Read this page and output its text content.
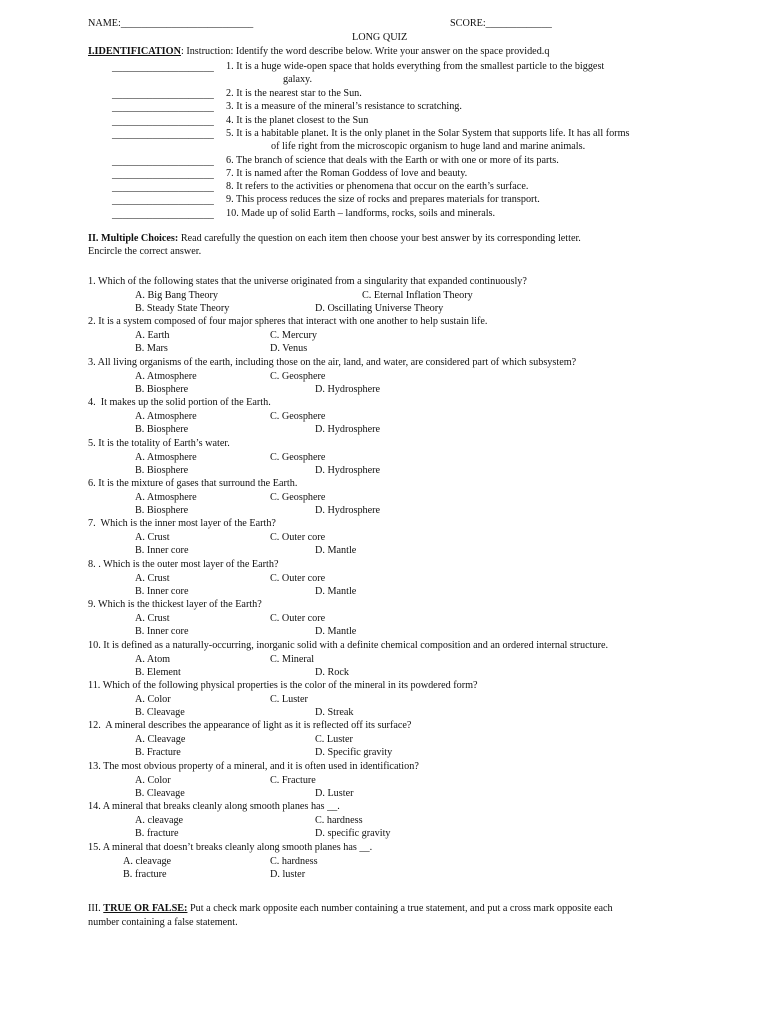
NAME:__________________________	SCORE:_____________
LONG QUIZ
I.IDENTIFICATION: Instruction: Identify the word describe below. Write your answer on the space provided.q
____________________ 1. It is a huge wide-open space that holds everything from the smallest particle to the biggest
galaxy.
____________________ 2. It is the nearest star to the Sun.
____________________ 3. It is a measure of the mineral’s resistance to scratching.
____________________ 4. It is the planet closest to the Sun
____________________ 5. It is a habitable planet. It is the only planet in the Solar System that supports life. It has all forms
of life right from the microscopic organism to huge land and marine animals.
____________________ 6. The branch of science that deals with the Earth or with one or more of its parts.
____________________ 7. It is named after the Roman Goddess of love and beauty.
____________________ 8. It refers to the activities or phenomena that occur on the earth’s surface.
____________________ 9. This process reduces the size of rocks and prepares materials for transport.
____________________ 10. Made up of solid Earth – landforms, rocks, soils and minerals.
II. Multiple Choices: Read carefully the question on each item then choose your best answer by its corresponding letter.
Encircle the correct answer.
1. Which of the following states that the universe originated from a singularity that expanded continuously?
A. Big Bang Theory	C. Eternal Inflation Theory
B. Steady State Theory	D. Oscillating Universe Theory
2. It is a system composed of four major spheres that interact with one another to help sustain life.
A. Earth	C. Mercury
B. Mars	D. Venus
3. All living organisms of the earth, including those on the air, land, and water, are considered part of which subsystem?
A. Atmosphere	C. Geosphere
B. Biosphere	D. Hydrosphere
4.  It makes up the solid portion of the Earth.
A. Atmosphere	C. Geosphere
B. Biosphere	D. Hydrosphere
5. It is the totality of Earth’s water.
A. Atmosphere	C. Geosphere
B. Biosphere	D. Hydrosphere
6. It is the mixture of gases that surround the Earth.
A. Atmosphere	C. Geosphere
B. Biosphere	D. Hydrosphere
7.  Which is the inner most layer of the Earth?
A. Crust	C. Outer core
B. Inner core	D. Mantle
8. . Which is the outer most layer of the Earth?
A. Crust	C. Outer core
B. Inner core	D. Mantle
9. Which is the thickest layer of the Earth?
A. Crust	C. Outer core
B. Inner core	D. Mantle
10. It is defined as a naturally-occurring, inorganic solid with a definite chemical composition and an ordered internal structure.
A. Atom	C. Mineral
B. Element	D. Rock
11. Which of the following physical properties is the color of the mineral in its powdered form?
A. Color	C. Luster
B. Cleavage	D. Streak
12.  A mineral describes the appearance of light as it is reflected off its surface?
A. Cleavage	C. Luster
B. Fracture	D. Specific gravity
13. The most obvious property of a mineral, and it is often used in identification?
A. Color	C. Fracture
B. Cleavage	D. Luster
14. A mineral that breaks cleanly along smooth planes has __.
A. cleavage	C. hardness
B. fracture	D. specific gravity
15. A mineral that doesn’t breaks cleanly along smooth planes has __.
A. cleavage	C. hardness
B. fracture	D. luster
III. TRUE OR FALSE: Put a check mark opposite each number containing a true statement, and put a cross mark opposite each
number containing a false statement.
